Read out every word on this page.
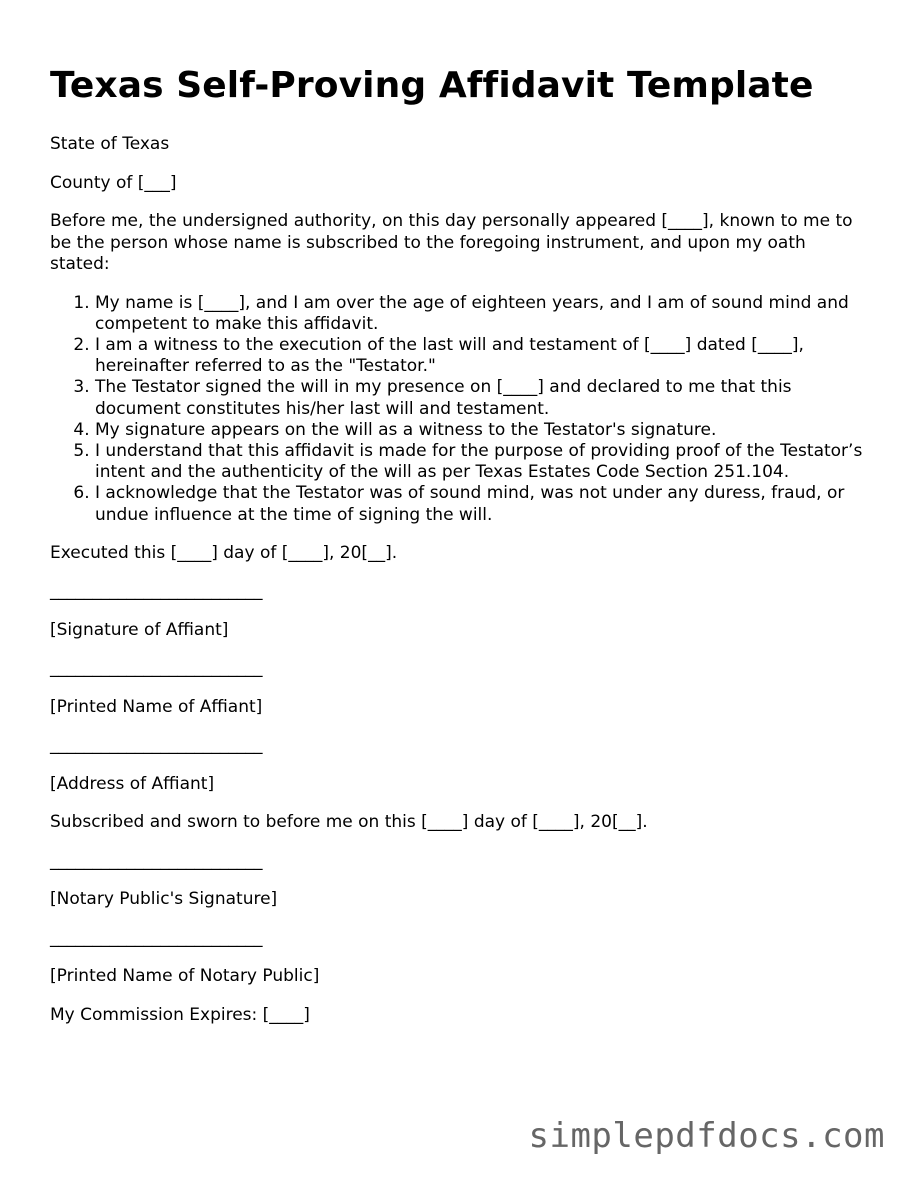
Texas Self-Proving Affidavit Template

State of Texas

County of [___]

Before me, the undersigned authority, on this day personally appeared [____], known to me to be the person whose name is subscribed to the foregoing instrument, and upon my oath stated:

1. My name is [____], and I am over the age of eighteen years, and I am of sound mind and competent to make this affidavit.
2. I am a witness to the execution of the last will and testament of [____] dated [____], hereinafter referred to as the "Testator."
3. The Testator signed the will in my presence on [____] and declared to me that this document constitutes his/her last will and testament.
4. My signature appears on the will as a witness to the Testator's signature.
5. I understand that this affidavit is made for the purpose of providing proof of the Testator’s intent and the authenticity of the will as per Texas Estates Code Section 251.104.
6. I acknowledge that the Testator was of sound mind, was not under any duress, fraud, or undue influence at the time of signing the will.

Executed this [____] day of [____], 20[__].

_________________________

[Signature of Affiant]

_________________________

[Printed Name of Affiant]

_________________________

[Address of Affiant]

Subscribed and sworn to before me on this [____] day of [____], 20[__].

_________________________

[Notary Public's Signature]

_________________________

[Printed Name of Notary Public]

My Commission Expires: [____]

simplepdfdocs.com
